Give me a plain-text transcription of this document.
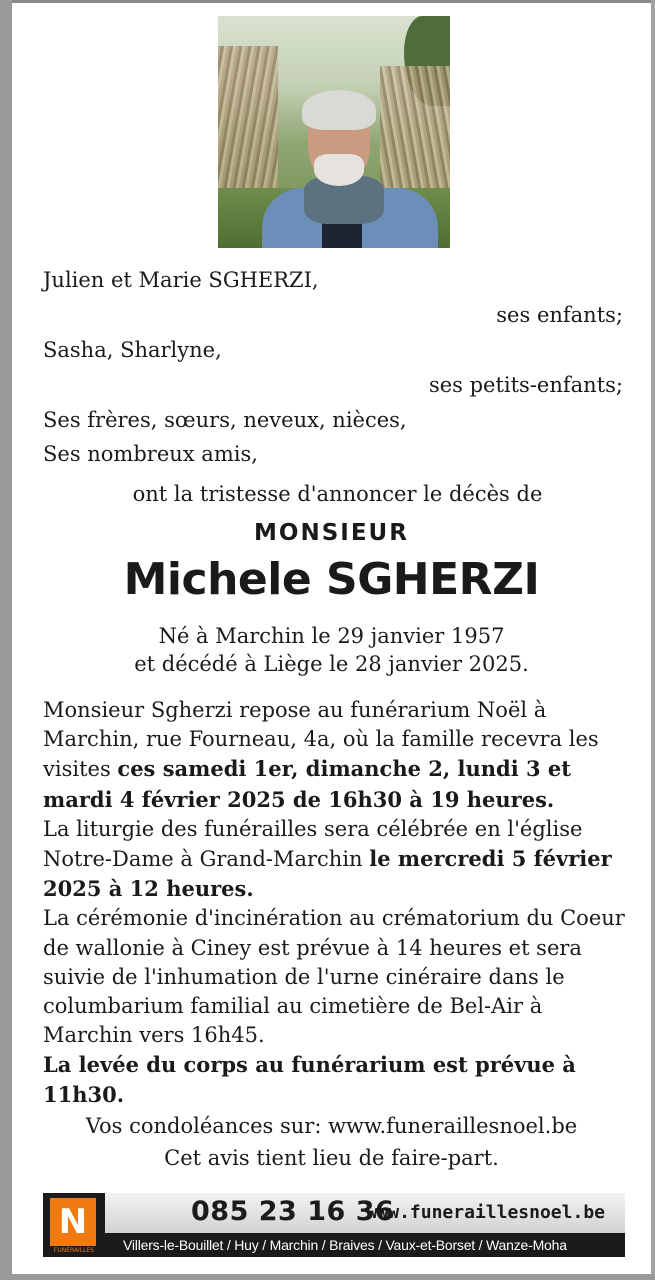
Julien et Marie SGHERZI,
ses enfants;
Sasha, Sharlyne,
ses petits-enfants;
Ses frères, sœurs, neveux, nièces,
Ses nombreux amis,
ont la tristesse d'annoncer le décès de
MONSIEUR
Michele SGHERZI
Né à Marchin le 29 janvier 1957
et décédé à Liège le 28 janvier 2025.

Monsieur Sgherzi repose au funérarium Noël à Marchin, rue Fourneau, 4a, où la famille recevra les visites ces samedi 1er, dimanche 2, lundi 3 et mardi 4 février 2025 de 16h30 à 19 heures.

La liturgie des funérailles sera célébrée en l'église Notre-Dame à Grand-Marchin le mercredi 5 février 2025 à 12 heures.

La cérémonie d'incinération au crématorium du Coeur de wallonie à Ciney est prévue à 14 heures et sera suivie de l'inhumation de l'urne cinéraire dans le columbarium familial au cimetière de Bel-Air à Marchin vers 16h45.

La levée du corps au funérarium est prévue à 11h30.

Vos condoléances sur: www.funeraillesnoel.be
Cet avis tient lieu de faire-part.
N
FUNÉRAILLES
085 23 16 36
www.funeraillesnoel.be
Villers-le-Bouillet / Huy / Marchin / Braives / Vaux-et-Borset / Wanze-Moha
